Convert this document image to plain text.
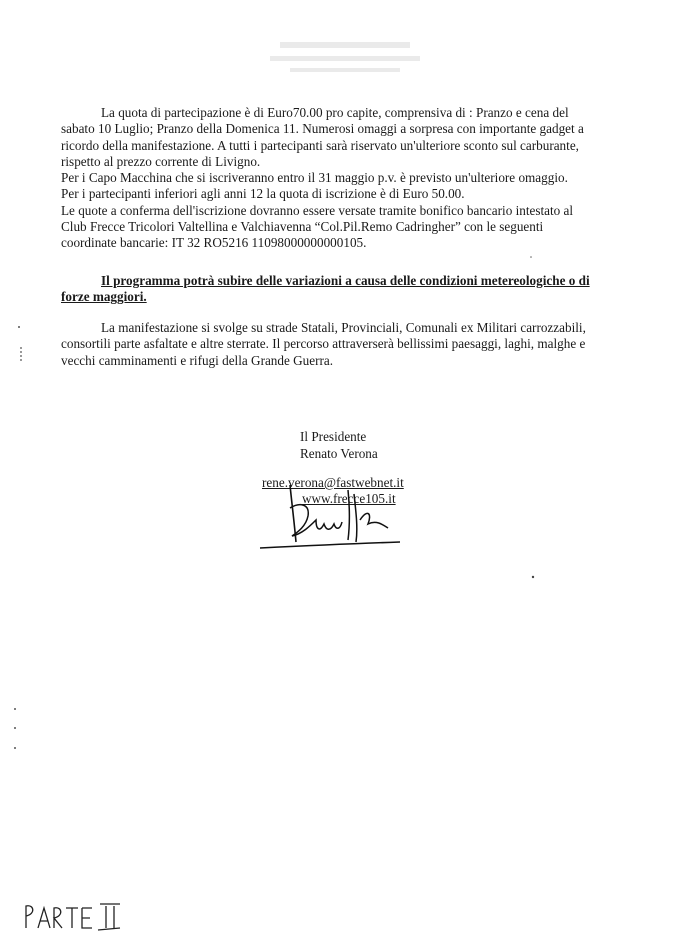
La quota di partecipazione è di Euro70.00 pro capite, comprensiva di : Pranzo e cena del
sabato 10 Luglio; Pranzo della Domenica 11. Numerosi omaggi a sorpresa con importante gadget a
ricordo della manifestazione. A tutti i partecipanti sarà riservato un'ulteriore sconto sul carburante,
rispetto al prezzo corrente di Livigno.
Per i Capo Macchina che si iscriveranno entro il 31 maggio p.v. è previsto un'ulteriore omaggio.
Per i partecipanti inferiori agli anni 12 la quota di iscrizione è di Euro 50.00.
Le quote a conferma dell'iscrizione dovranno essere versate tramite bonifico bancario intestato al
Club Frecce Tricolori Valtellina e Valchiavenna “Col.Pil.Remo Cadringher” con le seguenti
coordinate bancarie: IT 32 RO5216 11098000000000105.
Il programma potrà subire delle variazioni a causa delle condizioni metereologiche o di
forze maggiori.
La manifestazione si svolge su strade Statali, Provinciali, Comunali ex Militari carrozzabili,
consortili parte asfaltate e altre sterrate. Il percorso attraverserà bellissimi paesaggi, laghi, malghe e
vecchi camminamenti e rifugi della Grande Guerra.
Il Presidente
Renato Verona
rene.verona@fastwebnet.it
www.frecce105.it
